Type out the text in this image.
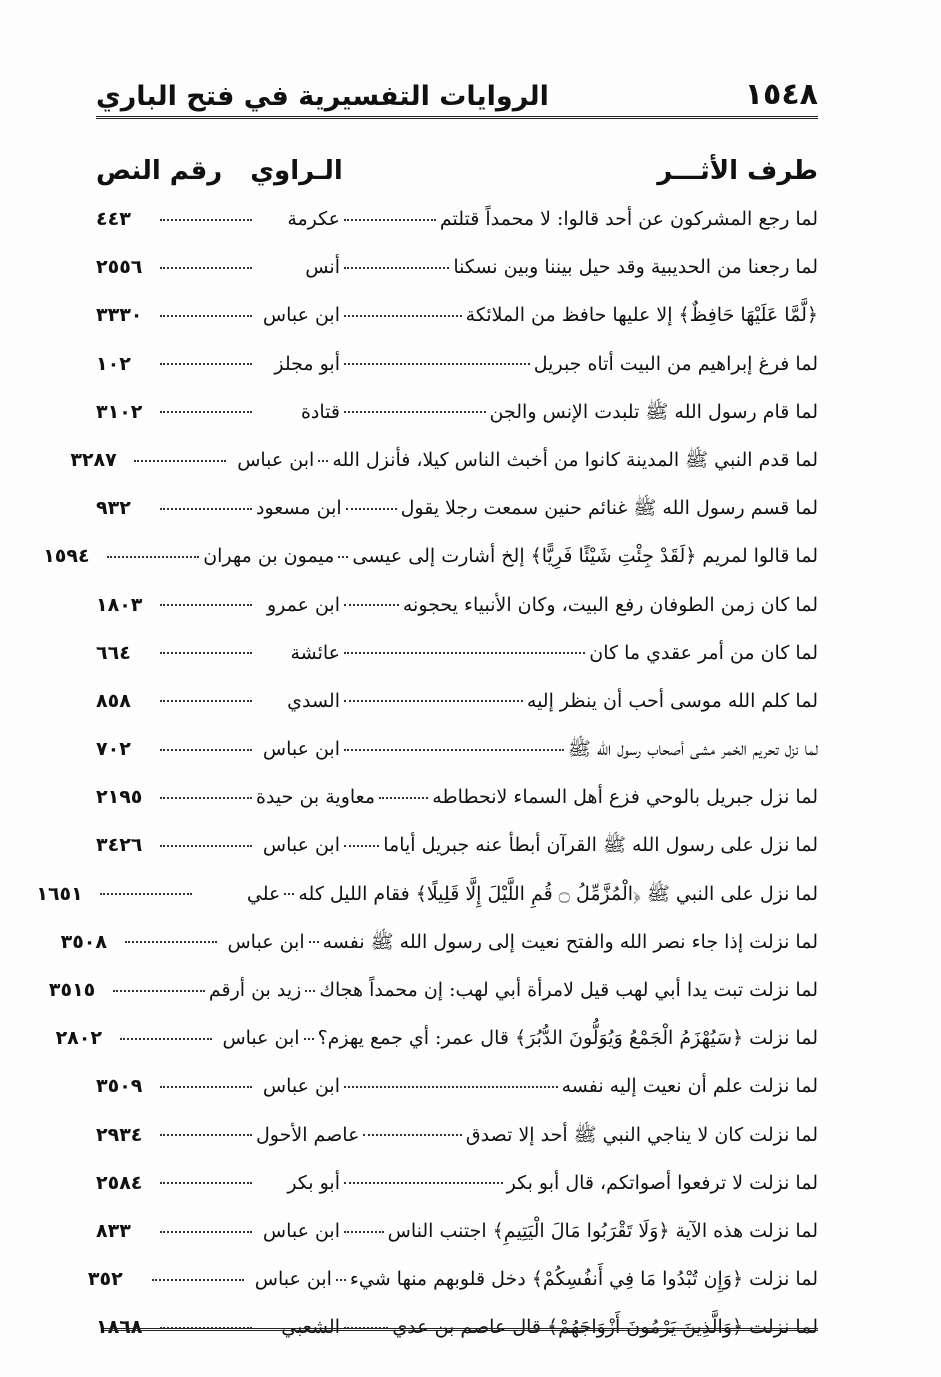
١٥٤٨
الروايات التفسيرية في فتح الباري
طرف الأثـــر
الـراوي
رقم النص
لما رجع المشركون عن أحد قالوا: لا محمداً قتلتم
عكرمة
٤٤٣
لما رجعنا من الحديبية وقد حيل بيننا وبين نسكنا
أنس
٢٥٥٦
﴿لَّمَّا عَلَيْهَا حَافِظٌ﴾ إلا عليها حافظ من الملائكة
ابن عباس
٣٣٣٠
لما فرغ إبراهيم من البيت أتاه جبريل
أبو مجلز
١٠٢
لما قام رسول الله ﷺ تلبدت الإنس والجن
قتادة
٣١٠٢
لما قدم النبي ﷺ المدينة كانوا من أخبث الناس كيلا، فأنزل الله
ابن عباس
٣٢٨٧
لما قسم رسول الله ﷺ غنائم حنين سمعت رجلا يقول
ابن مسعود
٩٣٢
لما قالوا لمريم ﴿لَقَدْ جِئْتِ شَيْئًا فَرِيًّا﴾ إلخ أشارت إلى عيسى
ميمون بن مهران
١٥٩٤
لما كان زمن الطوفان رفع البيت، وكان الأنبياء يحجونه
ابن عمرو
١٨٠٣
لما كان من أمر عقدي ما كان
عائشة
٦٦٤
لما كلم الله موسى أحب أن ينظر إليه
السدي
٨٥٨
لما نزل تحريم الخمر مشى أصحاب رسول الله ﷺ
ابن عباس
٧٠٢
لما نزل جبريل بالوحي فزع أهل السماء لانحطاطه
معاوية بن حيدة
٢١٩٥
لما نزل على رسول الله ﷺ القرآن أبطأ عنه جبريل أياما
ابن عباس
٣٤٢٦
لما نزل على النبي ﷺ ﴿الْمُزَّمِّلُ ۝ قُمِ اللَّيْلَ إِلَّا قَلِيلًا﴾ فقام الليل كله
علي
١٦٥١
لما نزلت إذا جاء نصر الله والفتح نعيت إلى رسول الله ﷺ نفسه
ابن عباس
٣٥٠٨
لما نزلت تبت يدا أبي لهب قيل لامرأة أبي لهب: إن محمداً هجاك
زيد بن أرقم
٣٥١٥
لما نزلت ﴿سَيُهْزَمُ الْجَمْعُ وَيُوَلُّونَ الدُّبُرَ﴾ قال عمر: أي جمع يهزم؟
ابن عباس
٢٨٠٢
لما نزلت علم أن نعيت إليه نفسه
ابن عباس
٣٥٠٩
لما نزلت كان لا يناجي النبي ﷺ أحد إلا تصدق
عاصم الأحول
٢٩٣٤
لما نزلت لا ترفعوا أصواتكم، قال أبو بكر
أبو بكر
٢٥٨٤
لما نزلت هذه الآية ﴿وَلَا تَقْرَبُوا مَالَ الْيَتِيمِ﴾ اجتنب الناس
ابن عباس
٨٣٣
لما نزلت ﴿وَإِن تُبْدُوا مَا فِي أَنفُسِكُمْ﴾ دخل قلوبهم منها شيء
ابن عباس
٣٥٢
لما نزلت ﴿وَالَّذِينَ يَرْمُونَ أَزْوَاجَهُمْ﴾ قال عاصم بن عدي
الشعبي
١٨٦٨
